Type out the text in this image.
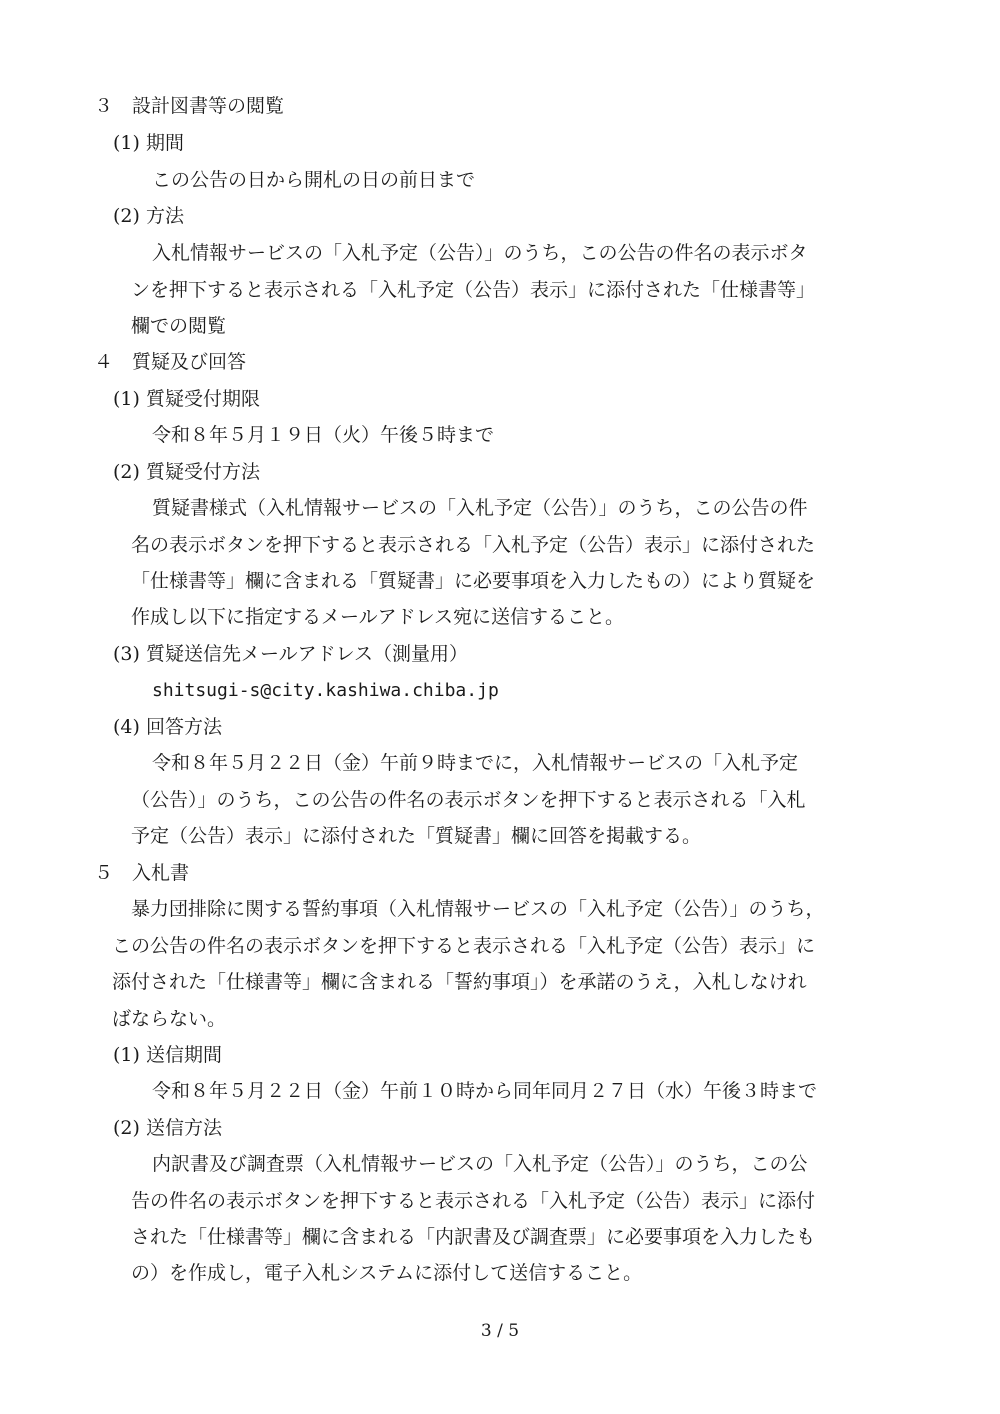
３　設計図書等の閲覧
(1) 期間
この公告の日から開札の日の前日まで
(2) 方法
入札情報サービスの「入札予定（公告）」のうち，この公告の件名の表示ボタ
ンを押下すると表示される「入札予定（公告）表示」に添付された「仕様書等」
欄での閲覧
４　質疑及び回答
(1) 質疑受付期限
令和８年５月１９日（火）午後５時まで
(2) 質疑受付方法
質疑書様式（入札情報サービスの「入札予定（公告）」のうち，この公告の件
名の表示ボタンを押下すると表示される「入札予定（公告）表示」に添付された
「仕様書等」欄に含まれる「質疑書」に必要事項を入力したもの）により質疑を
作成し以下に指定するメールアドレス宛に送信すること。
(3) 質疑送信先メールアドレス（測量用）
shitsugi-s@city.kashiwa.chiba.jp
(4) 回答方法
令和８年５月２２日（金）午前９時までに，入札情報サービスの「入札予定
（公告）」のうち，この公告の件名の表示ボタンを押下すると表示される「入札
予定（公告）表示」に添付された「質疑書」欄に回答を掲載する。
５　入札書
暴力団排除に関する誓約事項（入札情報サービスの「入札予定（公告）」のうち，
この公告の件名の表示ボタンを押下すると表示される「入札予定（公告）表示」に
添付された「仕様書等」欄に含まれる「誓約事項」）を承諾のうえ，入札しなけれ
ばならない。
(1) 送信期間
令和８年５月２２日（金）午前１０時から同年同月２７日（水）午後３時まで
(2) 送信方法
内訳書及び調査票（入札情報サービスの「入札予定（公告）」のうち，この公
告の件名の表示ボタンを押下すると表示される「入札予定（公告）表示」に添付
された「仕様書等」欄に含まれる「内訳書及び調査票」に必要事項を入力したも
の）を作成し，電子入札システムに添付して送信すること。
3 / 5
